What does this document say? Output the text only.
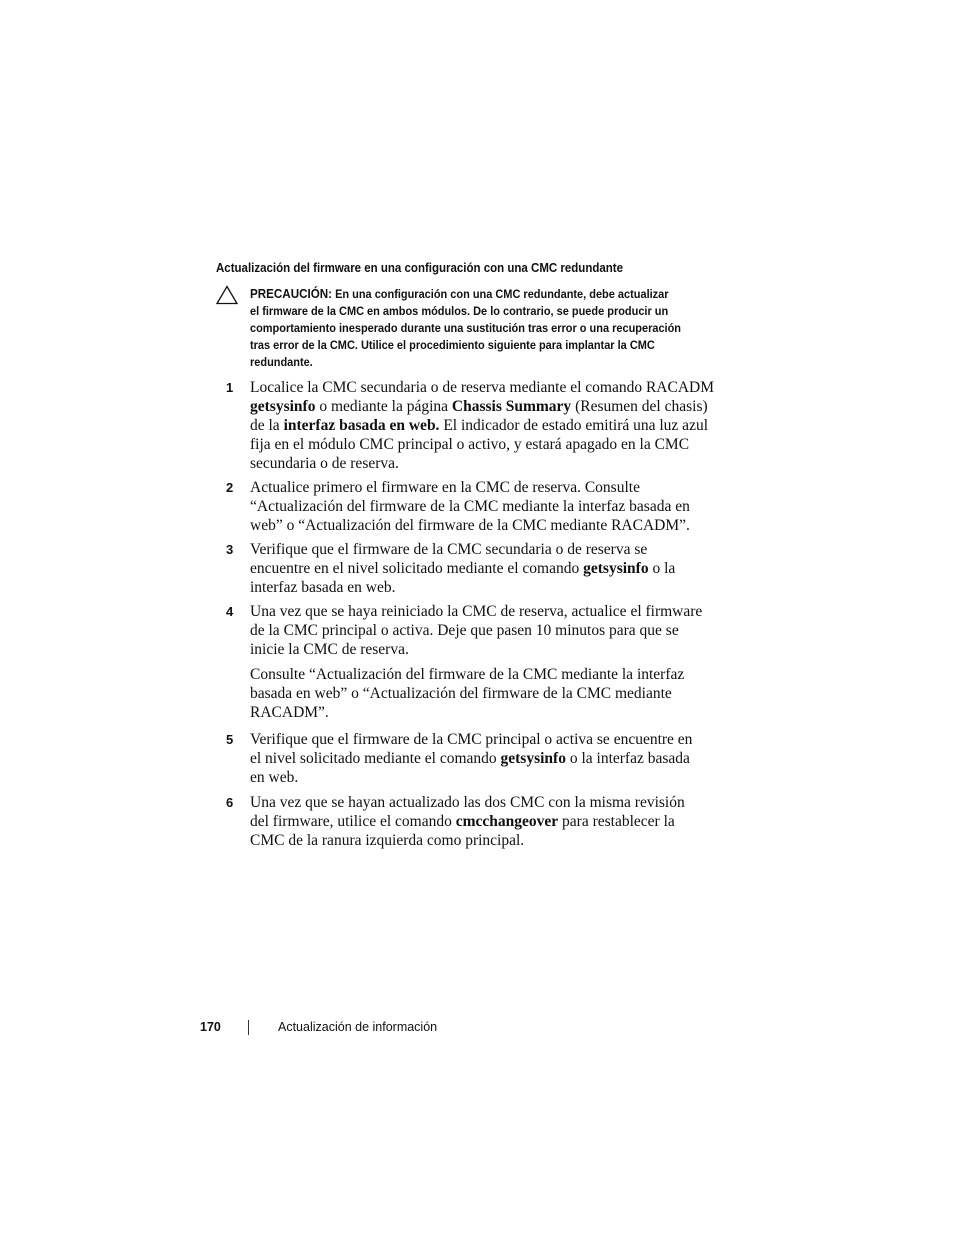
Actualización del firmware en una configuración con una CMC redundante
PRECAUCIÓN: En una configuración con una CMC redundante, debe actualizar
el firmware de la CMC en ambos módulos. De lo contrario, se puede producir un
comportamiento inesperado durante una sustitución tras error o una recuperación
tras error de la CMC. Utilice el procedimiento siguiente para implantar la CMC
redundante.
1 Localice la CMC secundaria o de reserva mediante el comando RACADM
getsysinfo o mediante la página Chassis Summary (Resumen del chasis)
de la interfaz basada en web. El indicador de estado emitirá una luz azul
fija en el módulo CMC principal o activo, y estará apagado en la CMC
secundaria o de reserva.
2 Actualice primero el firmware en la CMC de reserva. Consulte
“Actualización del firmware de la CMC mediante la interfaz basada en
web” o “Actualización del firmware de la CMC mediante RACADM”.
3 Verifique que el firmware de la CMC secundaria o de reserva se
encuentre en el nivel solicitado mediante el comando getsysinfo o la
interfaz basada en web.
4 Una vez que se haya reiniciado la CMC de reserva, actualice el firmware
de la CMC principal o activa. Deje que pasen 10 minutos para que se
inicie la CMC de reserva.
Consulte “Actualización del firmware de la CMC mediante la interfaz
basada en web” o “Actualización del firmware de la CMC mediante
RACADM”.
5 Verifique que el firmware de la CMC principal o activa se encuentre en
el nivel solicitado mediante el comando getsysinfo o la interfaz basada
en web.
6 Una vez que se hayan actualizado las dos CMC con la misma revisión
del firmware, utilice el comando cmcchangeover para restablecer la
CMC de la ranura izquierda como principal.
170	Actualización de información
